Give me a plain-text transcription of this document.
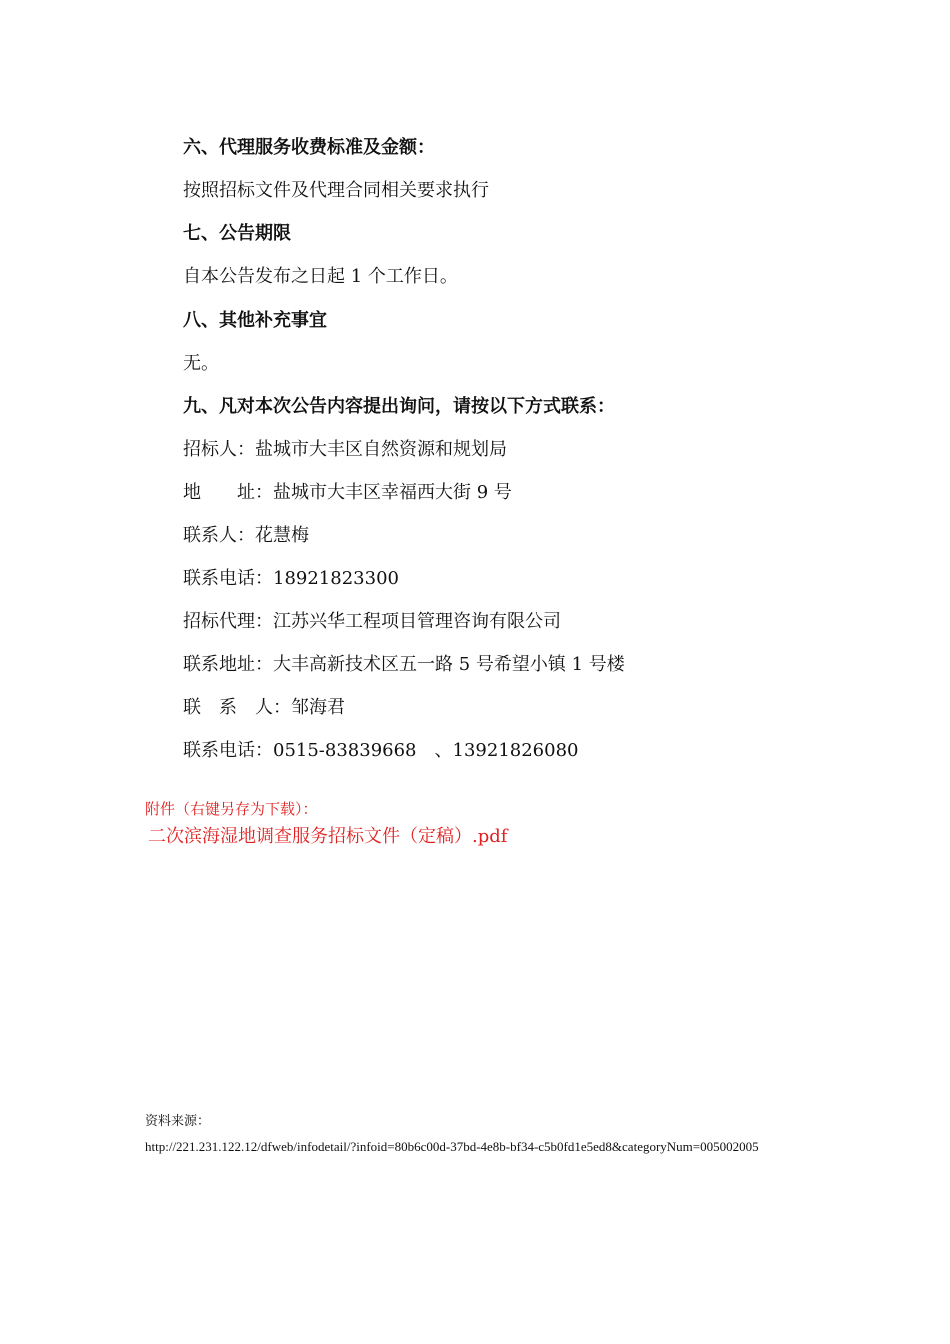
六、代理服务收费标准及金额：
按照招标文件及代理合同相关要求执行
七、公告期限
自本公告发布之日起 1 个工作日。
八、其他补充事宜
无。
九、凡对本次公告内容提出询问，请按以下方式联系：
招标人：盐城市大丰区自然资源和规划局
地　　址：盐城市大丰区幸福西大街 9 号
联系人：花慧梅
联系电话：18921823300
招标代理：江苏兴华工程项目管理咨询有限公司
联系地址：大丰高新技术区五一路 5 号希望小镇 1 号楼
联　系　人：邹海君
联系电话：0515-83839668　、13921826080
附件（右键另存为下载）：
二次滨海湿地调查服务招标文件（定稿）.pdf
资料来源：
http://221.231.122.12/dfweb/infodetail/?infoid=80b6c00d-37bd-4e8b-bf34-c5b0fd1e5ed8&categoryNum=005002005
